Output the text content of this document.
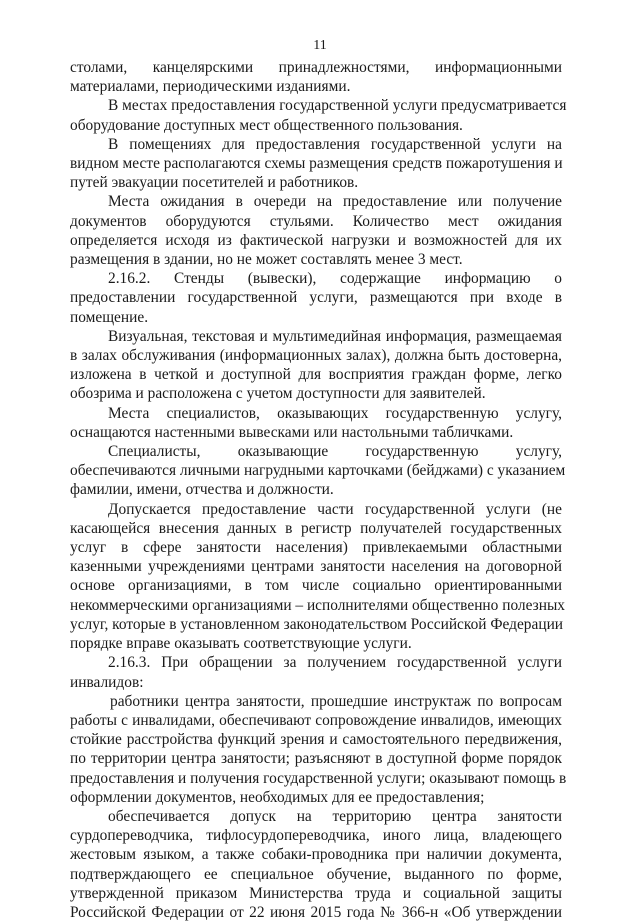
11
столами, канцелярскими принадлежностями, информационными
материалами, периодическими изданиями.
В местах предоставления государственной услуги предусматривается
оборудование доступных мест общественного пользования.
В помещениях для предоставления государственной услуги на
видном месте располагаются схемы размещения средств пожаротушения и
путей эвакуации посетителей и работников.
Места ожидания в очереди на предоставление или получение
документов оборудуются стульями. Количество мест ожидания
определяется исходя из фактической нагрузки и возможностей для их
размещения в здании, но не может составлять менее 3 мест.
2.16.2. Стенды (вывески), содержащие информацию о
предоставлении государственной услуги, размещаются при входе в
помещение.
Визуальная, текстовая и мультимедийная информация, размещаемая
в залах обслуживания (информационных залах), должна быть достоверна,
изложена в четкой и доступной для восприятия граждан форме, легко
обозрима и расположена с учетом доступности для заявителей.
Места специалистов, оказывающих государственную услугу,
оснащаются настенными вывесками или настольными табличками.
Специалисты, оказывающие государственную услугу,
обеспечиваются личными нагрудными карточками (бейджами) с указанием
фамилии, имени, отчества и должности.
Допускается предоставление части государственной услуги (не
касающейся внесения данных в регистр получателей государственных
услуг в сфере занятости населения) привлекаемыми областными
казенными учреждениями центрами занятости населения на договорной
основе организациями, в том числе социально ориентированными
некоммерческими организациями – исполнителями общественно полезных
услуг, которые в установленном законодательством Российской Федерации
порядке вправе оказывать соответствующие услуги.
2.16.3. При обращении за получением государственной услуги
инвалидов:
работники центра занятости, прошедшие инструктаж по вопросам
работы с инвалидами, обеспечивают сопровождение инвалидов, имеющих
стойкие расстройства функций зрения и самостоятельного передвижения,
по территории центра занятости; разъясняют в доступной форме порядок
предоставления и получения государственной услуги; оказывают помощь в
оформлении документов, необходимых для ее предоставления;
обеспечивается допуск на территорию центра занятости
сурдопереводчика, тифлосурдопереводчика, иного лица, владеющего
жестовым языком, а также собаки-проводника при наличии документа,
подтверждающего ее специальное обучение, выданного по форме,
утвержденной приказом Министерства труда и социальной защиты
Российской Федерации от 22 июня 2015 года № 366-н «Об утверждении
